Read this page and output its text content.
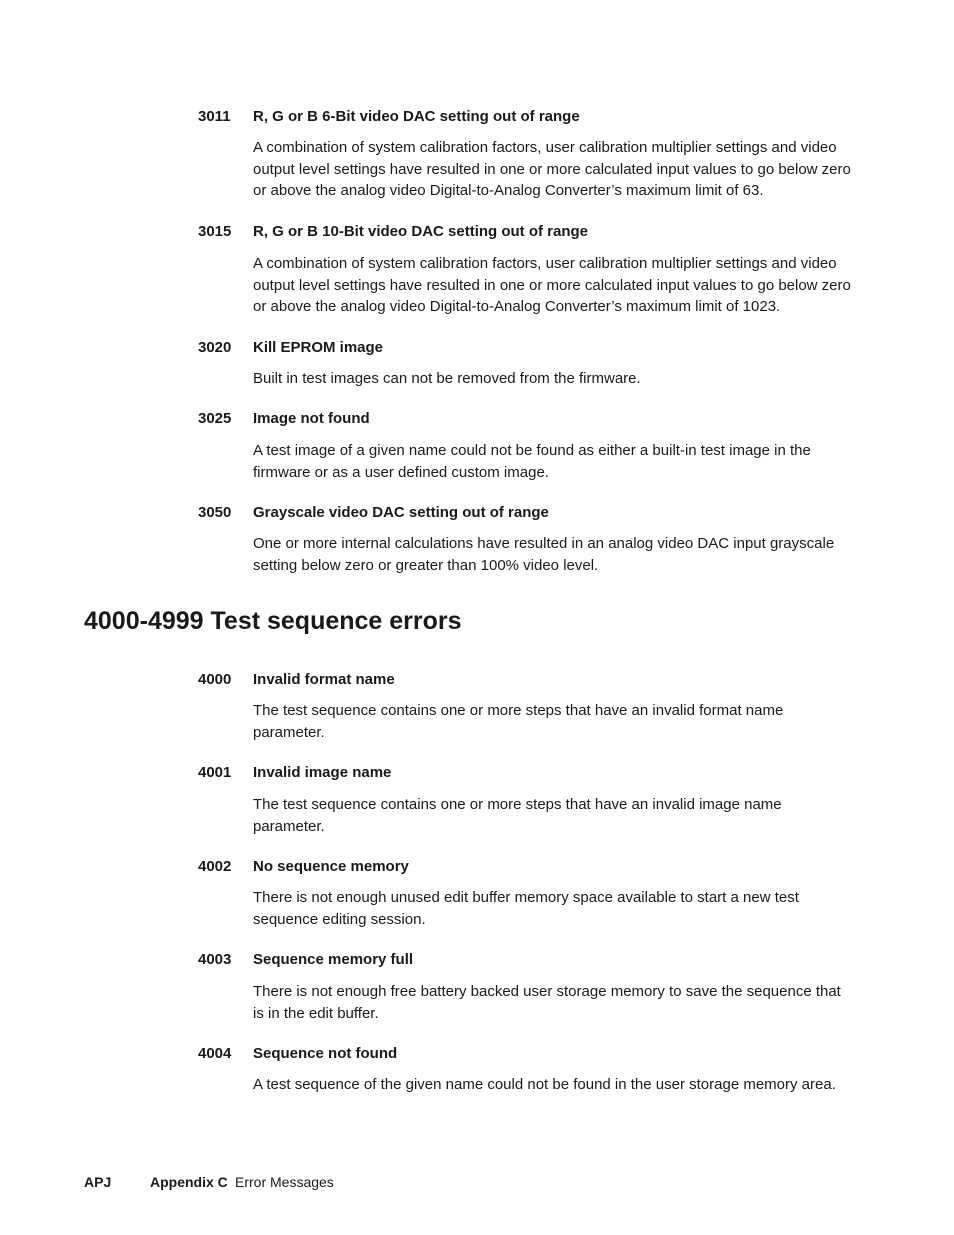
3011 R, G or B 6-Bit video DAC setting out of range
A combination of system calibration factors, user calibration multiplier settings and video
output level settings have resulted in one or more calculated input values to go below zero
or above the analog video Digital-to-Analog Converter’s maximum limit of 63.
3015 R, G or B 10-Bit video DAC setting out of range
A combination of system calibration factors, user calibration multiplier settings and video
output level settings have resulted in one or more calculated input values to go below zero
or above the analog video Digital-to-Analog Converter’s maximum limit of 1023.
3020 Kill EPROM image
Built in test images can not be removed from the firmware.
3025 Image not found
A test image of a given name could not be found as either a built-in test image in the
firmware or as a user defined custom image.
3050 Grayscale video DAC setting out of range
One or more internal calculations have resulted in an analog video DAC input grayscale
setting below zero or greater than 100% video level.
4000-4999 Test sequence errors
4000 Invalid format name
The test sequence contains one or more steps that have an invalid format name
parameter.
4001 Invalid image name
The test sequence contains one or more steps that have an invalid image name
parameter.
4002 No sequence memory
There is not enough unused edit buffer memory space available to start a new test
sequence editing session.
4003 Sequence memory full
There is not enough free battery backed user storage memory to save the sequence that
is in the edit buffer.
4004 Sequence not found
A test sequence of the given name could not be found in the user storage memory area.
APJ	Appendix C Error Messages
